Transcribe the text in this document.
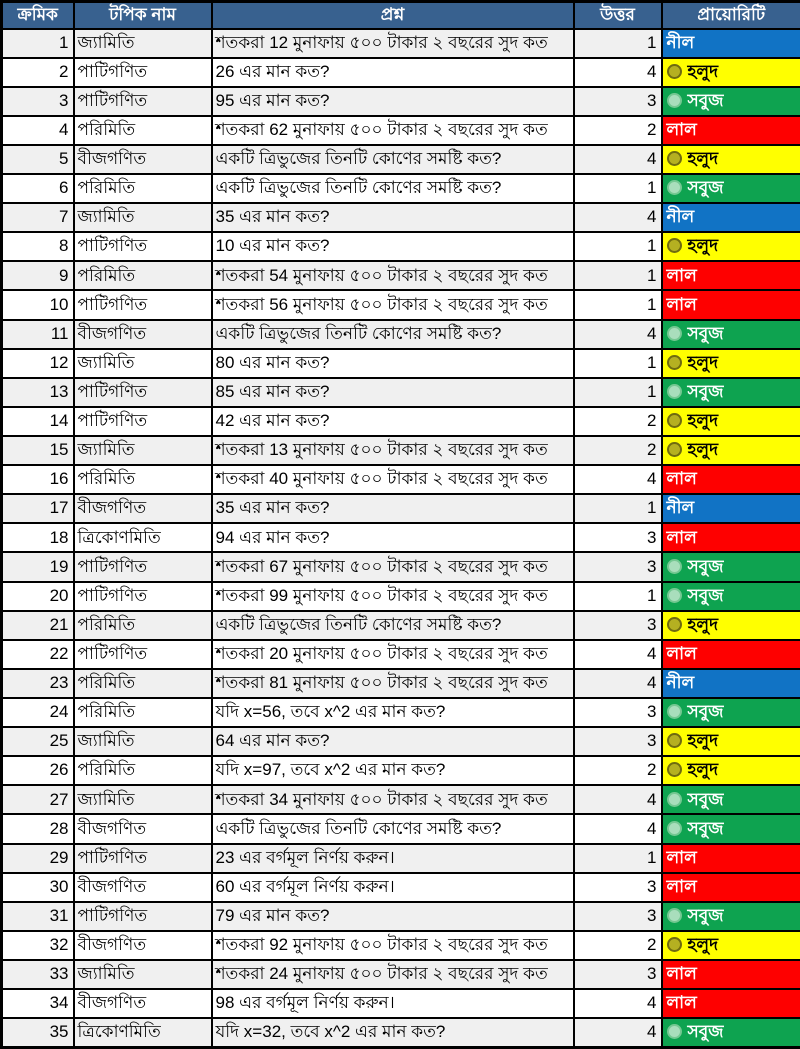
ক্রমিক	টপিক নাম	প্রশ্ন	উত্তর	প্রায়োরিটি
1	জ্যামিতি	শতকরা 12 মুনাফায় ৫০০ টাকার ২ বছরের সুদ কত	1	নীল
2	পাটিগণিত	26 এর মান কত?	4	হলুদ
3	পাটিগণিত	95 এর মান কত?	3	সবুজ
4	পরিমিতি	শতকরা 62 মুনাফায় ৫০০ টাকার ২ বছরের সুদ কত	2	লাল
5	বীজগণিত	একটি ত্রিভুজের তিনটি কোণের সমষ্টি কত?	4	হলুদ
6	পরিমিতি	একটি ত্রিভুজের তিনটি কোণের সমষ্টি কত?	1	সবুজ
7	জ্যামিতি	35 এর মান কত?	4	নীল
8	পাটিগণিত	10 এর মান কত?	1	হলুদ
9	পরিমিতি	শতকরা 54 মুনাফায় ৫০০ টাকার ২ বছরের সুদ কত	1	লাল
10	পাটিগণিত	শতকরা 56 মুনাফায় ৫০০ টাকার ২ বছরের সুদ কত	1	লাল
11	বীজগণিত	একটি ত্রিভুজের তিনটি কোণের সমষ্টি কত?	4	সবুজ
12	জ্যামিতি	80 এর মান কত?	1	হলুদ
13	পাটিগণিত	85 এর মান কত?	1	সবুজ
14	পাটিগণিত	42 এর মান কত?	2	হলুদ
15	জ্যামিতি	শতকরা 13 মুনাফায় ৫০০ টাকার ২ বছরের সুদ কত	2	হলুদ
16	পরিমিতি	শতকরা 40 মুনাফায় ৫০০ টাকার ২ বছরের সুদ কত	4	লাল
17	বীজগণিত	35 এর মান কত?	1	নীল
18	ত্রিকোণমিতি	94 এর মান কত?	3	লাল
19	পাটিগণিত	শতকরা 67 মুনাফায় ৫০০ টাকার ২ বছরের সুদ কত	3	সবুজ
20	পাটিগণিত	শতকরা 99 মুনাফায় ৫০০ টাকার ২ বছরের সুদ কত	1	সবুজ
21	পরিমিতি	একটি ত্রিভুজের তিনটি কোণের সমষ্টি কত?	3	হলুদ
22	পাটিগণিত	শতকরা 20 মুনাফায় ৫০০ টাকার ২ বছরের সুদ কত	4	লাল
23	পরিমিতি	শতকরা 81 মুনাফায় ৫০০ টাকার ২ বছরের সুদ কত	4	নীল
24	পরিমিতি	যদি x=56, তবে x^2 এর মান কত?	3	সবুজ
25	জ্যামিতি	64 এর মান কত?	3	হলুদ
26	পরিমিতি	যদি x=97, তবে x^2 এর মান কত?	2	হলুদ
27	জ্যামিতি	শতকরা 34 মুনাফায় ৫০০ টাকার ২ বছরের সুদ কত	4	সবুজ
28	বীজগণিত	একটি ত্রিভুজের তিনটি কোণের সমষ্টি কত?	4	সবুজ
29	পাটিগণিত	23 এর বর্গমূল নির্ণয় করুন।	1	লাল
30	বীজগণিত	60 এর বর্গমূল নির্ণয় করুন।	3	লাল
31	পাটিগণিত	79 এর মান কত?	3	সবুজ
32	বীজগণিত	শতকরা 92 মুনাফায় ৫০০ টাকার ২ বছরের সুদ কত	2	হলুদ
33	জ্যামিতি	শতকরা 24 মুনাফায় ৫০০ টাকার ২ বছরের সুদ কত	3	লাল
34	বীজগণিত	98 এর বর্গমূল নির্ণয় করুন।	4	লাল
35	ত্রিকোণমিতি	যদি x=32, তবে x^2 এর মান কত?	4	সবুজ
